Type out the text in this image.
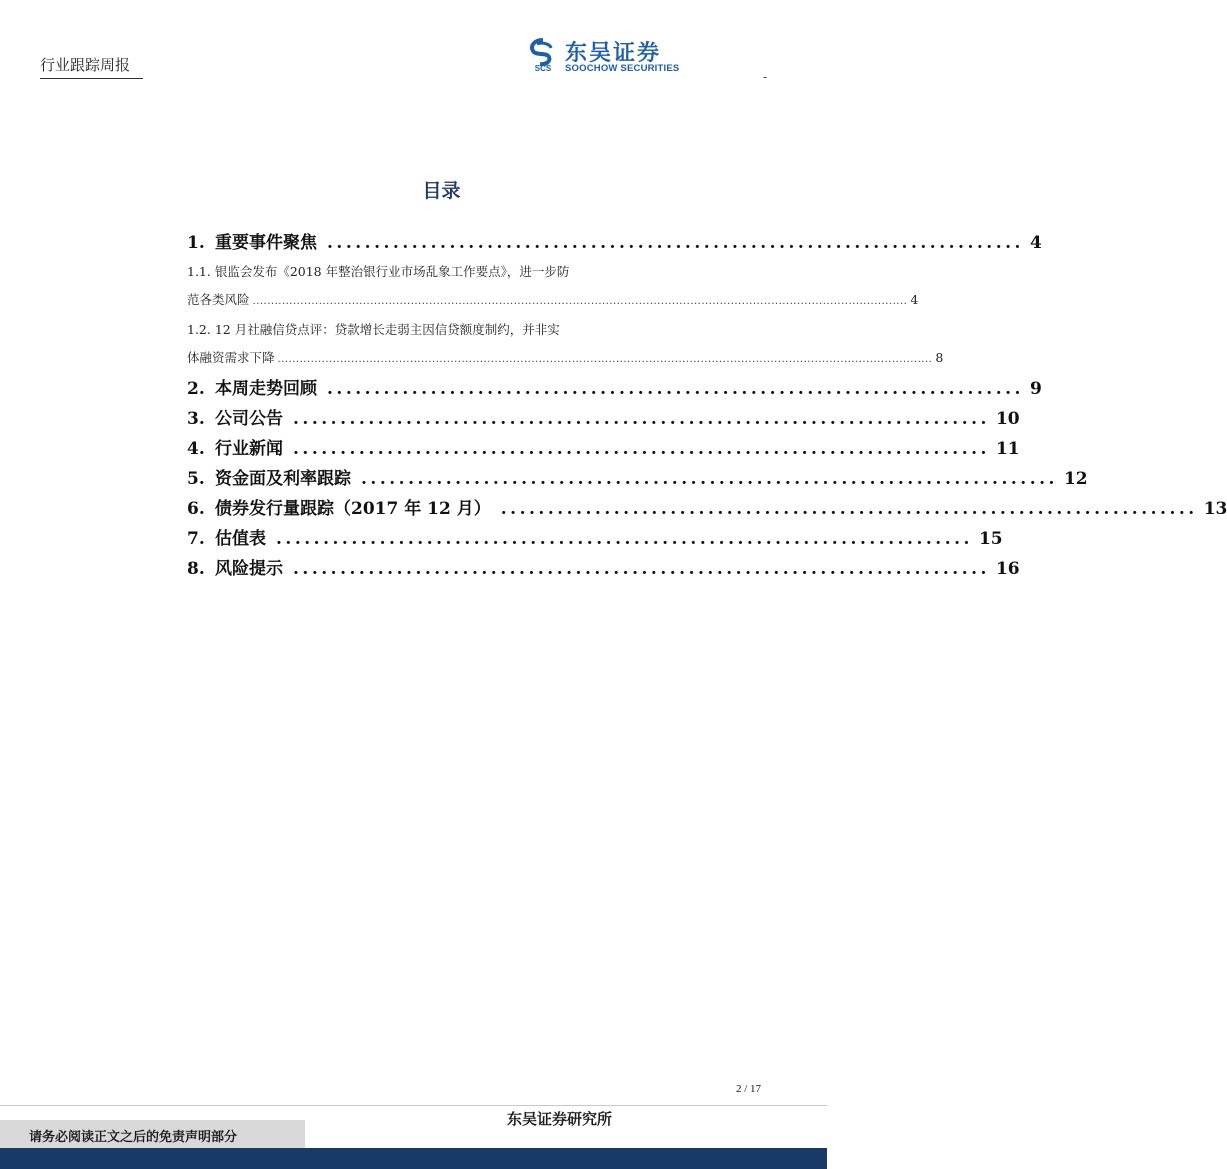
行业跟踪周报	SCS
东吴证券
SOOCHOW SECURITIES
-
目录
1. 重要事件聚焦 .......................................................................... 4
1.1. 银监会发布《2018 年整治银行业市场乱象工作要点》，进一步防
范各类风险 .................................................................................................................................................................................. 4
1.2. 12 月社融信贷点评：贷款增长走弱主因信贷额度制约，并非实
体融资需求下降 .................................................................................................................................................................................. 8
2. 本周走势回顾 .......................................................................... 9
3. 公司公告 .......................................................................... 10
4. 行业新闻 .......................................................................... 11
5. 资金面及利率跟踪 .......................................................................... 12
6. 债券发行量跟踪（2017 年 12 月） .......................................................................... 13
7. 估值表 .......................................................................... 15
8. 风险提示 .......................................................................... 16
2 / 17
东吴证券研究所
请务必阅读正文之后的免责声明部分
